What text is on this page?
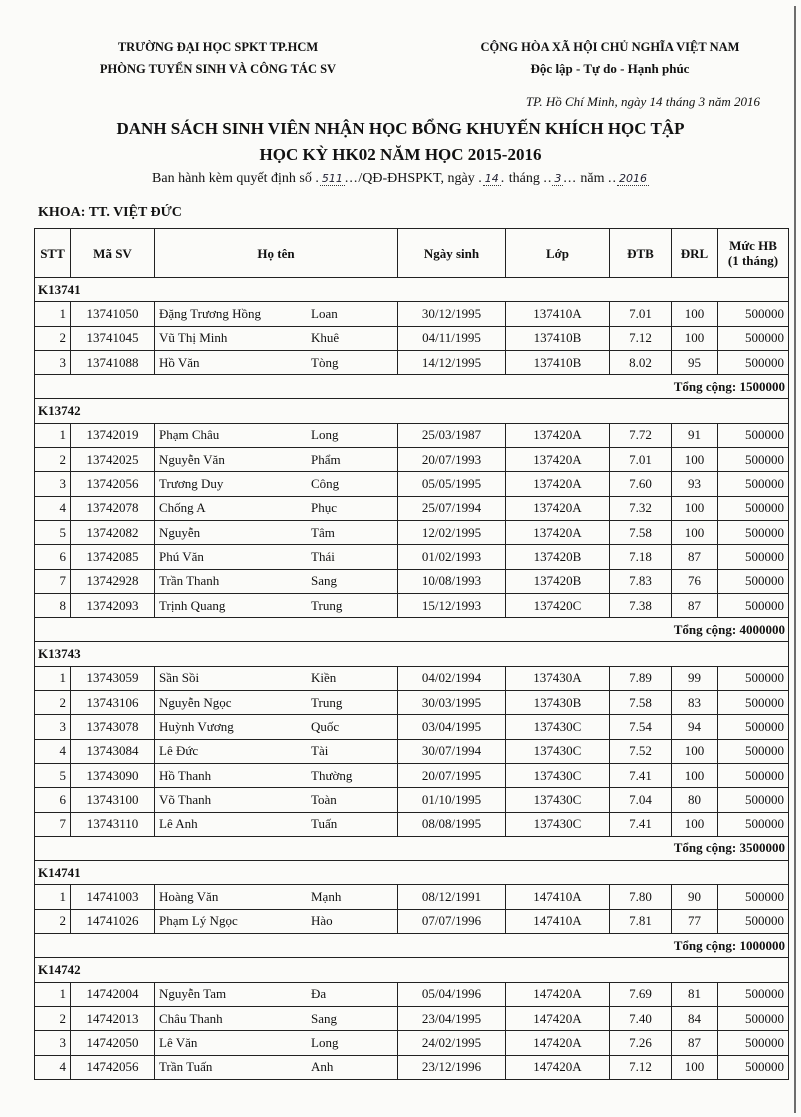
TRƯỜNG ĐẠI HỌC SPKT TP.HCM
PHÒNG TUYỂN SINH VÀ CÔNG TÁC SV
CỘNG HÒA XÃ HỘI CHỦ NGHĨA VIỆT NAM
Độc lập - Tự do - Hạnh phúc
TP. Hồ Chí Minh, ngày 14 tháng 3 năm 2016
DANH SÁCH SINH VIÊN NHẬN HỌC BỔNG KHUYẾN KHÍCH HỌC TẬP
HỌC KỲ HK02 NĂM HỌC 2015-2016
Ban hành kèm quyết định số . 511 .../QĐ-ĐHSPKT, ngày . 14 . tháng .. 3 ... năm .. 2016
KHOA: TT. VIỆT ĐỨC
STT	Mã SV	Họ tên	Ngày sinh	Lớp	ĐTB	ĐRL	Mức HB
(1 tháng)

K13741							
1	13741050	Đặng Trương Hồng Loan	30/12/1995	137410A	7.01	100	500000
2	13741045	Vũ Thị Minh Khuê	04/11/1995	137410B	7.12	100	500000
3	13741088	Hồ Văn Tòng	14/12/1995	137410B	8.02	95	500000
Tổng cộng: 1500000							
K13742							
1	13742019	Phạm Châu Long	25/03/1987	137420A	7.72	91	500000
2	13742025	Nguyễn Văn Phẩm	20/07/1993	137420A	7.01	100	500000
3	13742056	Trương Duy Công	05/05/1995	137420A	7.60	93	500000
4	13742078	Chống A Phục	25/07/1994	137420A	7.32	100	500000
5	13742082	Nguyễn Tâm	12/02/1995	137420A	7.58	100	500000
6	13742085	Phú Văn Thái	01/02/1993	137420B	7.18	87	500000
7	13742928	Trần Thanh Sang	10/08/1993	137420B	7.83	76	500000
8	13742093	Trịnh Quang Trung	15/12/1993	137420C	7.38	87	500000
Tổng cộng: 4000000							
K13743							
1	13743059	Sần Sồi Kiền	04/02/1994	137430A	7.89	99	500000
2	13743106	Nguyễn Ngọc Trung	30/03/1995	137430B	7.58	83	500000
3	13743078	Huỳnh Vương Quốc	03/04/1995	137430C	7.54	94	500000
4	13743084	Lê Đức Tài	30/07/1994	137430C	7.52	100	500000
5	13743090	Hồ Thanh Thường	20/07/1995	137430C	7.41	100	500000
6	13743100	Võ Thanh Toàn	01/10/1995	137430C	7.04	80	500000
7	13743110	Lê Anh Tuấn	08/08/1995	137430C	7.41	100	500000
Tổng cộng: 3500000							
K14741							
1	14741003	Hoàng Văn Mạnh	08/12/1991	147410A	7.80	90	500000
2	14741026	Phạm Lý Ngọc Hào	07/07/1996	147410A	7.81	77	500000
Tổng cộng: 1000000							
K14742							
1	14742004	Nguyễn Tam Đa	05/04/1996	147420A	7.69	81	500000
2	14742013	Châu Thanh Sang	23/04/1995	147420A	7.40	84	500000
3	14742050	Lê Văn Long	24/02/1995	147420A	7.26	87	500000
4	14742056	Trần Tuấn Anh	23/12/1996	147420A	7.12	100	500000
